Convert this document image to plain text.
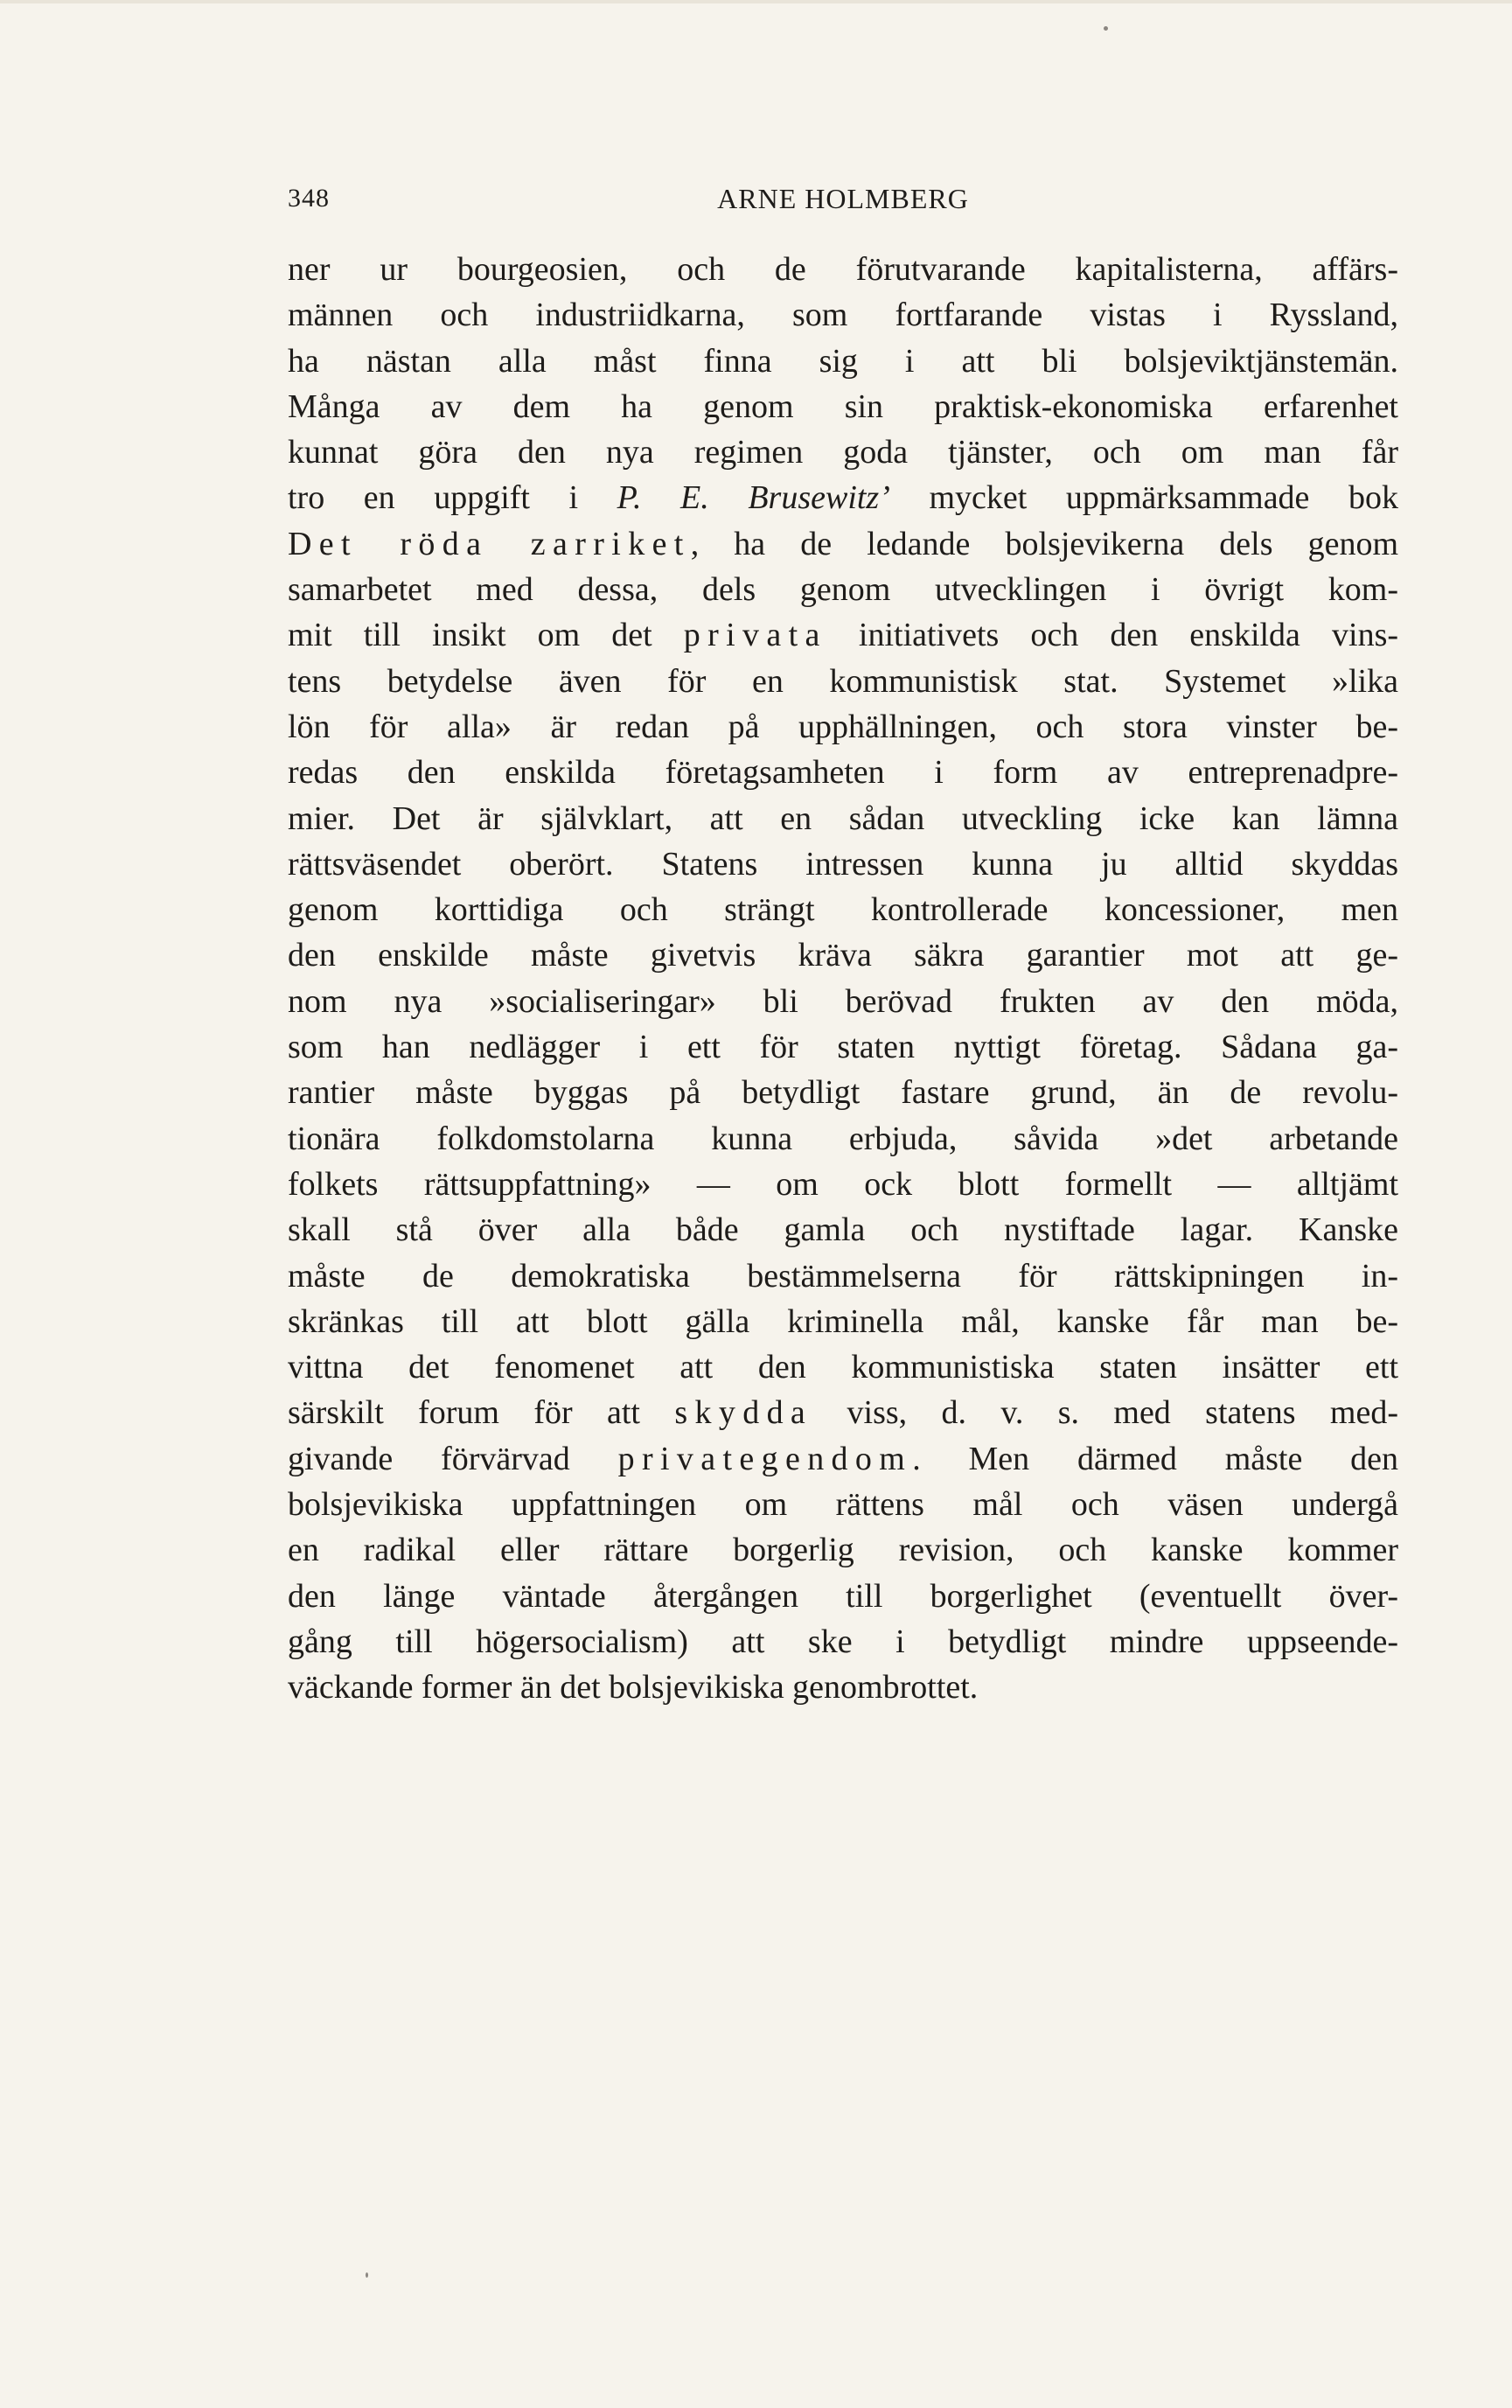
348	ARNE HOLMBERG
ner ur bourgeosien, och de förutvarande kapitalisterna, affärs-
männen och industriidkarna, som fortfarande vistas i Ryssland,
ha nästan alla måst finna sig i att bli bolsjeviktjänstemän.
Många av dem ha genom sin praktisk-ekonomiska erfarenhet
kunnat göra den nya regimen goda tjänster, och om man får
tro en uppgift i P. E. Brusewitz’ mycket uppmärksammade bok
Det röda zarriket, ha de ledande bolsjevikerna dels genom
samarbetet med dessa, dels genom utvecklingen i övrigt kom-
mit till insikt om det privata initiativets och den enskilda vins-
tens betydelse även för en kommunistisk stat. Systemet »lika
lön för alla» är redan på upphällningen, och stora vinster be-
redas den enskilda företagsamheten i form av entreprenadpre-
mier. Det är självklart, att en sådan utveckling icke kan lämna
rättsväsendet oberört. Statens intressen kunna ju alltid skyddas
genom korttidiga och strängt kontrollerade koncessioner, men
den enskilde måste givetvis kräva säkra garantier mot att ge-
nom nya »socialiseringar» bli berövad frukten av den möda,
som han nedlägger i ett för staten nyttigt företag. Sådana ga-
rantier måste byggas på betydligt fastare grund, än de revolu-
tionära folkdomstolarna kunna erbjuda, såvida »det arbetande
folkets rättsuppfattning» — om ock blott formellt — alltjämt
skall stå över alla både gamla och nystiftade lagar. Kanske
måste de demokratiska bestämmelserna för rättskipningen in-
skränkas till att blott gälla kriminella mål, kanske får man be-
vittna det fenomenet att den kommunistiska staten insätter ett
särskilt forum för att skydda viss, d. v. s. med statens med-
givande förvärvad privategendom. Men därmed måste den
bolsjevikiska uppfattningen om rättens mål och väsen undergå
en radikal eller rättare borgerlig revision, och kanske kommer
den länge väntade återgången till borgerlighet (eventuellt över-
gång till högersocialism) att ske i betydligt mindre uppseende-
väckande former än det bolsjevikiska genombrottet.
